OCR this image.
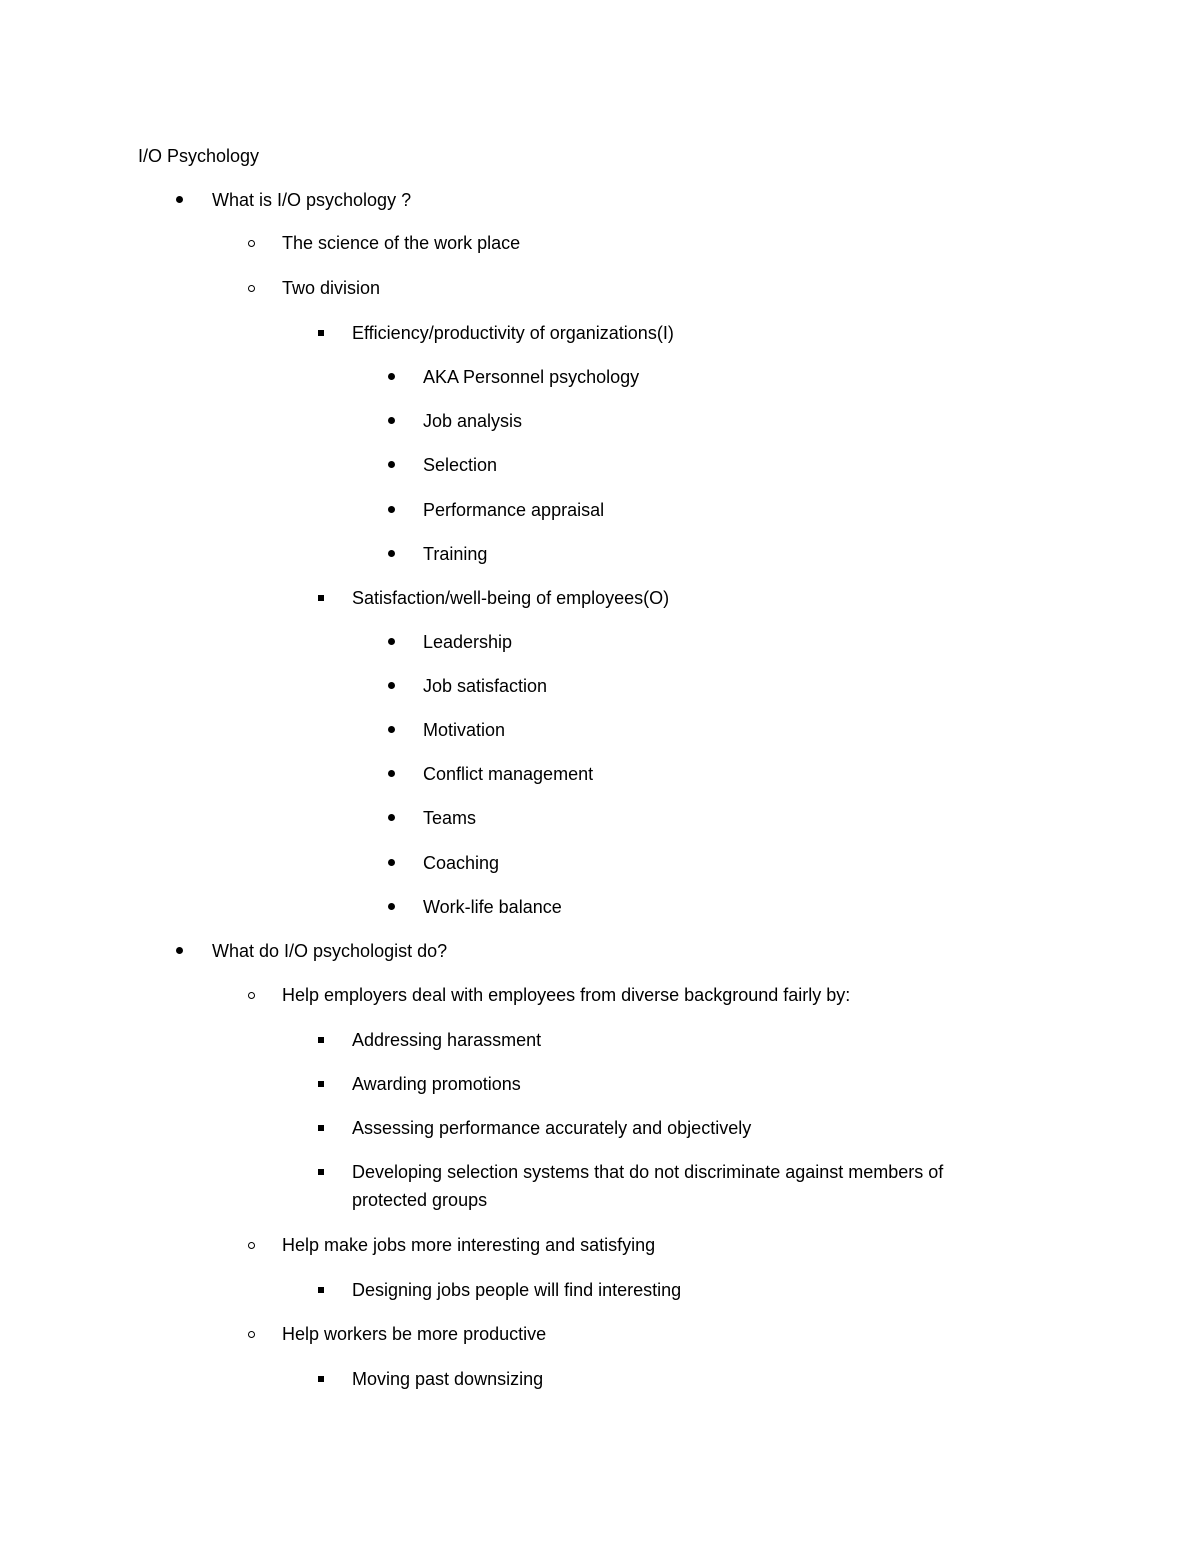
I/O Psychology
What is I/O psychology ?
The science of the work place
Two division
Efficiency/productivity of organizations(I)
AKA Personnel psychology
Job analysis
Selection
Performance appraisal
Training
Satisfaction/well-being of employees(O)
Leadership
Job satisfaction
Motivation
Conflict management
Teams
Coaching
Work-life balance
What do I/O psychologist do?
Help employers deal with employees from diverse background fairly by:
Addressing harassment
Awarding promotions
Assessing performance accurately and objectively
Developing selection systems that do not discriminate against members of protected groups
Help make jobs more interesting and satisfying
Designing jobs people will find interesting
Help workers be more productive
Moving past downsizing
